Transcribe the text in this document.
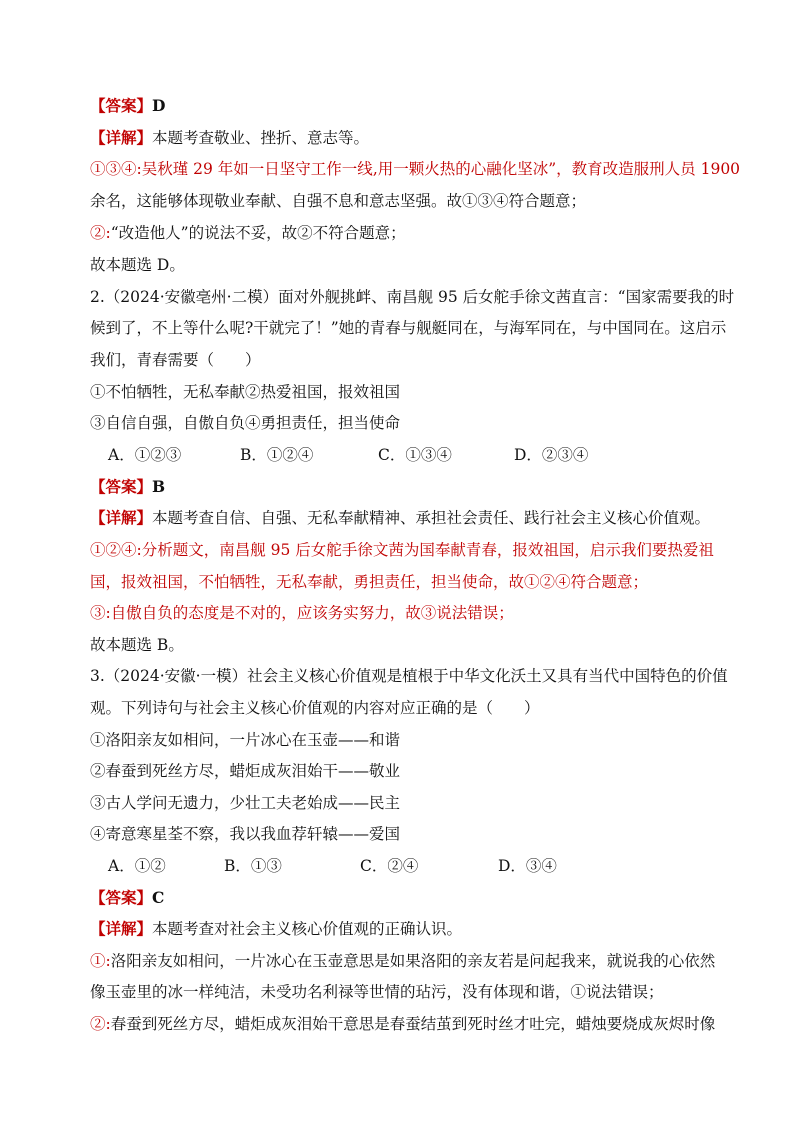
【答案】D
【详解】本题考查敬业、挫折、意志等。
①③④:吴秋瑾 29 年如一日坚守工作一线,用一颗火热的心融化坚冰”，教育改造服刑人员 1900
余名，这能够体现敬业奉献、自强不息和意志坚强。故①③④符合题意；
②:“改造他人”的说法不妥，故②不符合题意；
故本题选 D。
2.（2024·安徽亳州·二模）面对外舰挑衅、南昌舰 95 后女舵手徐文茜直言：“国家需要我的时
候到了，不上等什么呢?干就完了！”她的青春与舰艇同在，与海军同在，与中国同在。这启示
我们，青春需要（　　）
①不怕牺牲，无私奉献②热爱祖国，报效祖国
③自信自强，自傲自负④勇担责任，担当使命
A．①②③	B．①②④	C．①③④	D．②③④
【答案】B
【详解】本题考查自信、自强、无私奉献精神、承担社会责任、践行社会主义核心价值观。
①②④:分析题文，南昌舰 95 后女舵手徐文茜为国奉献青春，报效祖国，启示我们要热爱祖
国，报效祖国，不怕牺牲，无私奉献，勇担责任，担当使命，故①②④符合题意；
③:自傲自负的态度是不对的，应该务实努力，故③说法错误；
故本题选 B。
3.（2024·安徽·一模）社会主义核心价值观是植根于中华文化沃土又具有当代中国特色的价值
观。下列诗句与社会主义核心价值观的内容对应正确的是（　　）
①洛阳亲友如相问，一片冰心在玉壶——和谐
②春蚕到死丝方尽，蜡炬成灰泪始干——敬业
③古人学问无遗力，少壮工夫老始成——民主
④寄意寒星荃不察，我以我血荐轩辕——爱国
A．①②	B．①③	C．②④	D．③④
【答案】C
【详解】本题考查对社会主义核心价值观的正确认识。
①:洛阳亲友如相问，一片冰心在玉壶意思是如果洛阳的亲友若是问起我来，就说我的心依然
像玉壶里的冰一样纯洁，未受功名利禄等世情的玷污，没有体现和谐，①说法错误；
②:春蚕到死丝方尽，蜡炬成灰泪始干意思是春蚕结茧到死时丝才吐完，蜡烛要烧成灰烬时像
